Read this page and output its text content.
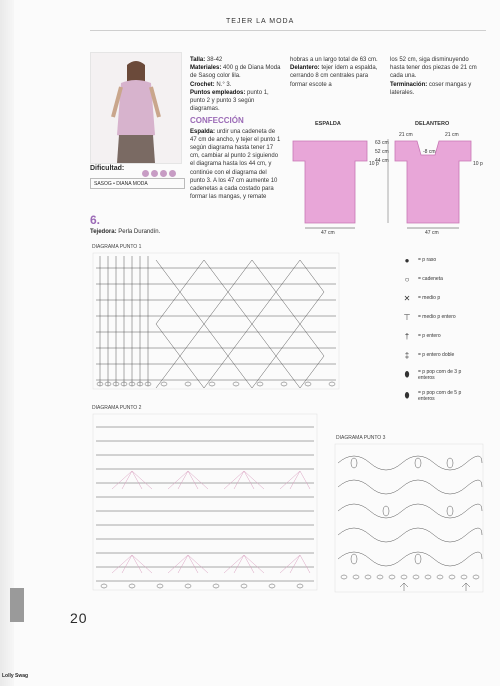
TEJER LA MODA
Dificultad:
SASOG • DIANA MODA
6.
Tejedora: Perla Durandín.
Talla: 38-42
Materiales: 400 g de Diana Moda de Sasog color lila.
Crochet: N.° 3.
Puntos empleados: punto 1, punto 2 y punto 3 según diagramas.
CONFECCIÓN
Espalda: urdir una cadeneta de 47 cm de ancho, y tejer el punto 1 según diagrama hasta tener 17 cm, cambiar al punto 2 siguiendo el diagrama hasta los 44 cm, y continúe con el diagrama del punto 3. A los 47 cm aumente 10 cadenetas a cada costado para formar las mangas, y remate
hobras a un largo total de 63 cm.
Delantero: tejer ídem a espalda, cerrando 8 cm centrales para formar escote a
los 52 cm, siga disminuyendo hasta tener dos piezas de 21 cm cada una.
Terminación: coser mangas y laterales.
ESPALDA	DELANTERO
10 p
47 cm
63 cm
52 cm
44 cm
21 cm	21 cm
-8 cm
10 p
47 cm
DIAGRAMA PUNTO 1
DIAGRAMA PUNTO 2
DIAGRAMA PUNTO 3
●	= p raso
○	= cadeneta
✕	= medio p
⊤	= medio p entero
†	= p entero
‡	= p entero doble
⬮	= p pop corn de 3 p enteros
⬮	= p pop corn de 5 p enteros
20
Lolly Swag
